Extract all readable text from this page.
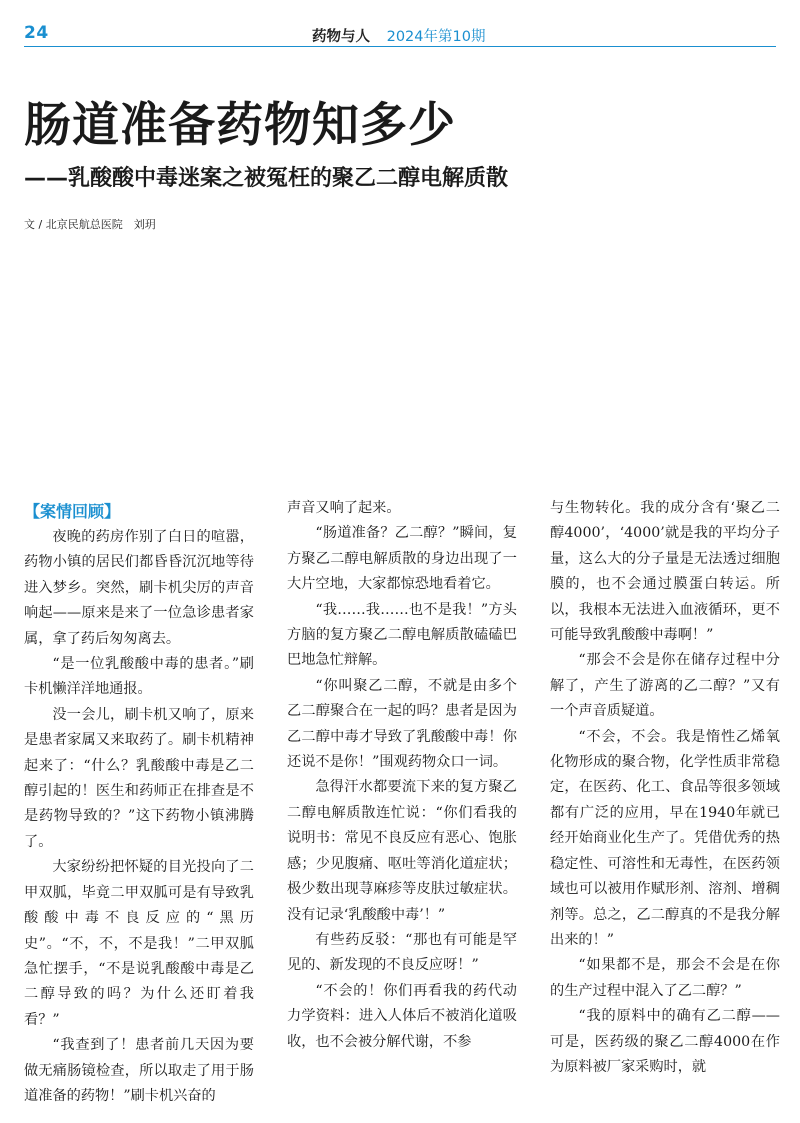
24	药物与人 2024年第10期
肠道准备药物知多少
——乳酸酸中毒迷案之被冤枉的聚乙二醇电解质散
文 / 北京民航总医院　刘玥
【案情回顾】

夜晚的药房作别了白日的喧嚣，药物小镇的居民们都昏昏沉沉地等待进入梦乡。突然，刷卡机尖厉的声音响起——原来是来了一位急诊患者家属，拿了药后匆匆离去。

“是一位乳酸酸中毒的患者。”刷卡机懒洋洋地通报。

没一会儿，刷卡机又响了，原来是患者家属又来取药了。刷卡机精神起来了：“什么？乳酸酸中毒是乙二醇引起的！医生和药师正在排查是不是药物导致的？”这下药物小镇沸腾了。

大家纷纷把怀疑的目光投向了二甲双胍，毕竟二甲双胍可是有导致乳酸酸中毒不良反应的“黑历史”。“不，不，不是我！”二甲双胍急忙摆手，“不是说乳酸酸中毒是乙二醇导致的吗？为什么还盯着我看？”

“我查到了！患者前几天因为要做无痛肠镜检查，所以取走了用于肠道准备的药物！”刷卡机兴奋的

声音又响了起来。

“肠道准备？乙二醇？”瞬间，复方聚乙二醇电解质散的身边出现了一大片空地，大家都惊恐地看着它。

“我……我……也不是我！”方头方脑的复方聚乙二醇电解质散磕磕巴巴地急忙辩解。

“你叫聚乙二醇，不就是由多个乙二醇聚合在一起的吗？患者是因为乙二醇中毒才导致了乳酸酸中毒！你还说不是你！”围观药物众口一词。

急得汗水都要流下来的复方聚乙二醇电解质散连忙说：“你们看我的说明书：常见不良反应有恶心、饱胀感；少见腹痛、呕吐等消化道症状；极少数出现荨麻疹等皮肤过敏症状。没有记录‘乳酸酸中毒’！”

有些药反驳：“那也有可能是罕见的、新发现的不良反应呀！”

“不会的！你们再看我的药代动力学资料：进入人体后不被消化道吸收，也不会被分解代谢，不参

与生物转化。我的成分含有‘聚乙二醇4000’，‘4000’就是我的平均分子量，这么大的分子量是无法透过细胞膜的，也不会通过膜蛋白转运。所以，我根本无法进入血液循环，更不可能导致乳酸酸中毒啊！”

“那会不会是你在储存过程中分解了，产生了游离的乙二醇？”又有一个声音质疑道。

“不会，不会。我是惰性乙烯氧化物形成的聚合物，化学性质非常稳定，在医药、化工、食品等很多领域都有广泛的应用，早在1940年就已经开始商业化生产了。凭借优秀的热稳定性、可溶性和无毒性，在医药领域也可以被用作赋形剂、溶剂、增稠剂等。总之，乙二醇真的不是我分解出来的！”

“如果都不是，那会不会是在你的生产过程中混入了乙二醇？”

“我的原料中的确有乙二醇——可是，医药级的聚乙二醇4000在作为原料被厂家采购时，就
